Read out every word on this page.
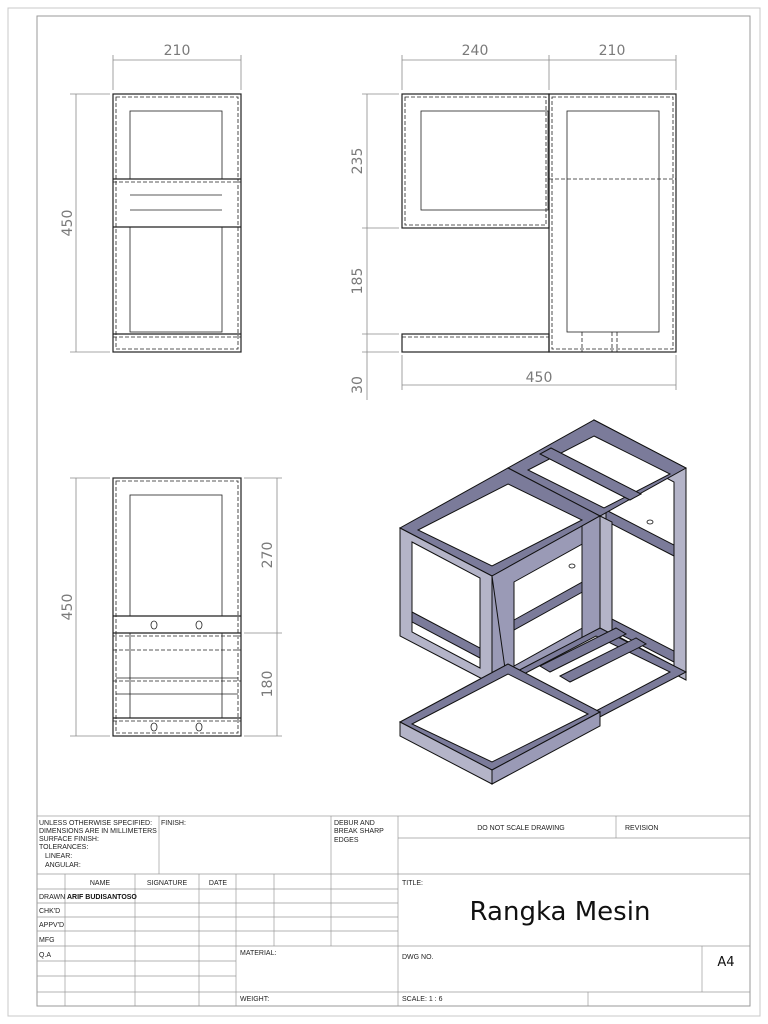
210
450
240	210
235
185
30	450
450
270
180
UNLESS OTHERWISE SPECIFIED:
DIMENSIONS ARE IN MILLIMETERS
SURFACE FINISH:
TOLERANCES:
LINEAR:
ANGULAR:
FINISH:	DEBUR AND
BREAK SHARP
EDGES
DO NOT SCALE DRAWING	REVISION
NAME	SIGNATURE	DATE
DRAWN ARIF BUDISANTOSO
CHK'D
APPV'D
MFG
Q.A
TITLE:
Rangka Mesin
MATERIAL:
DWG NO.	A4
WEIGHT:	SCALE: 1 : 6
